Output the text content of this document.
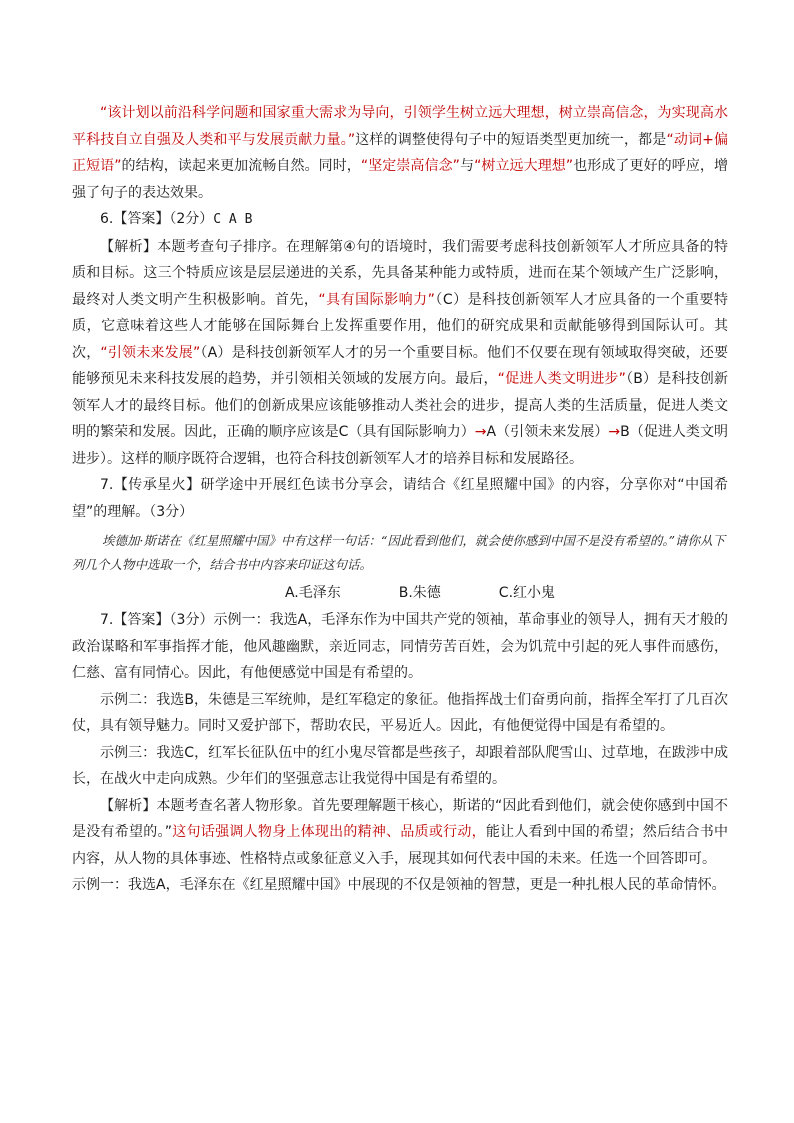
“该计划以前沿科学问题和国家重大需求为导向，引领学生树立远大理想，树立崇高信念，为实现高水平科技自立自强及人类和平与发展贡献力量。”这样的调整使得句子中的短语类型更加统一，都是“动词+偏正短语”的结构，读起来更加流畅自然。同时，“坚定崇高信念”与“树立远大理想”也形成了更好的呼应，增强了句子的表达效果。

6.【答案】（2分）C A B

【解析】本题考查句子排序。在理解第④句的语境时，我们需要考虑科技创新领军人才所应具备的特质和目标。这三个特质应该是层层递进的关系，先具备某种能力或特质，进而在某个领域产生广泛影响，最终对人类文明产生积极影响。首先，“具有国际影响力”（C）是科技创新领军人才应具备的一个重要特质，它意味着这些人才能够在国际舞台上发挥重要作用，他们的研究成果和贡献能够得到国际认可。其次，“引领未来发展”（A）是科技创新领军人才的另一个重要目标。他们不仅要在现有领域取得突破，还要能够预见未来科技发展的趋势，并引领相关领域的发展方向。最后，“促进人类文明进步”（B）是科技创新领军人才的最终目标。他们的创新成果应该能够推动人类社会的进步，提高人类的生活质量，促进人类文明的繁荣和发展。因此，正确的顺序应该是C（具有国际影响力）→A（引领未来发展）→B（促进人类文明进步）。这样的顺序既符合逻辑，也符合科技创新领军人才的培养目标和发展路径。

7.【传承星火】研学途中开展红色读书分享会，请结合《红星照耀中国》的内容，分享你对“中国希望”的理解。（3分）

埃德加·斯诺在《红星照耀中国》中有这样一句话：“因此看到他们，就会使你感到中国不是没有希望的。”请你从下列几个人物中选取一个，结合书中内容来印证这句话。

A.毛泽东	B.朱德	C.红小鬼

7.【答案】（3分）示例一：我选A，毛泽东作为中国共产党的领袖，革命事业的领导人，拥有天才般的政治谋略和军事指挥才能，他风趣幽默，亲近同志，同情劳苦百姓，会为饥荒中引起的死人事件而感伤，仁慈、富有同情心。因此，有他便感觉中国是有希望的。

示例二：我选B，朱德是三军统帅，是红军稳定的象征。他指挥战士们奋勇向前，指挥全军打了几百次仗，具有领导魅力。同时又爱护部下，帮助农民，平易近人。因此，有他便觉得中国是有希望的。

示例三：我选C，红军长征队伍中的红小鬼尽管都是些孩子，却跟着部队爬雪山、过草地，在跋涉中成长，在战火中走向成熟。少年们的坚强意志让我觉得中国是有希望的。

【解析】本题考查名著人物形象。首先要理解题干核心，斯诺的“因此看到他们，就会使你感到中国不是没有希望的。”这句话强调人物身上体现出的精神、品质或行动，能让人看到中国的希望；然后结合书中内容，从人物的具体事迹、性格特点或象征意义入手，展现其如何代表中国的未来。任选一个回答即可。

示例一：我选A，毛泽东在《红星照耀中国》中展现的不仅是领袖的智慧，更是一种扎根人民的革命情怀。
